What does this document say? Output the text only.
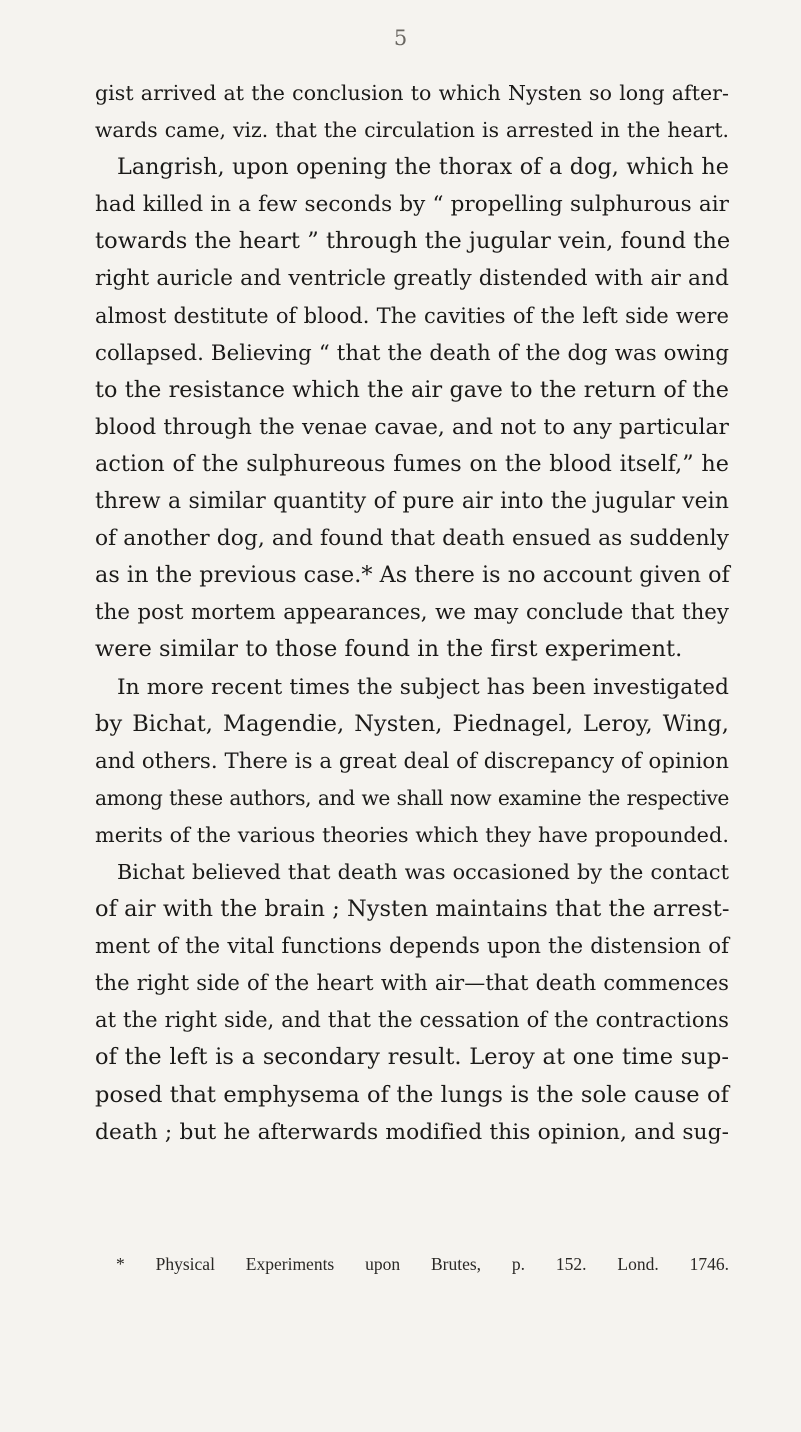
5
gist arrived at the conclusion to which Nysten so long after-
wards came, viz. that the circulation is arrested in the heart.
Langrish, upon opening the thorax of a dog, which he
had killed in a few seconds by “ propelling sulphurous air
towards the heart ” through the jugular vein, found the
right auricle and ventricle greatly distended with air and
almost destitute of blood. The cavities of the left side were
collapsed. Believing “ that the death of the dog was owing
to the resistance which the air gave to the return of the
blood through the venae cavae, and not to any particular
action of the sulphureous fumes on the blood itself,” he
threw a similar quantity of pure air into the jugular vein
of another dog, and found that death ensued as suddenly
as in the previous case.* As there is no account given of
the post mortem appearances, we may conclude that they
were similar to those found in the first experiment.
In more recent times the subject has been investigated
by Bichat, Magendie, Nysten, Piednagel, Leroy, Wing,
and others. There is a great deal of discrepancy of opinion
among these authors, and we shall now examine the respective
merits of the various theories which they have propounded.
Bichat believed that death was occasioned by the contact
of air with the brain ; Nysten maintains that the arrest-
ment of the vital functions depends upon the distension of
the right side of the heart with air—that death commences
at the right side, and that the cessation of the contractions
of the left is a secondary result. Leroy at one time sup-
posed that emphysema of the lungs is the sole cause of
death ; but he afterwards modified this opinion, and sug-
* Physical Experiments upon Brutes, p. 152. Lond. 1746.
